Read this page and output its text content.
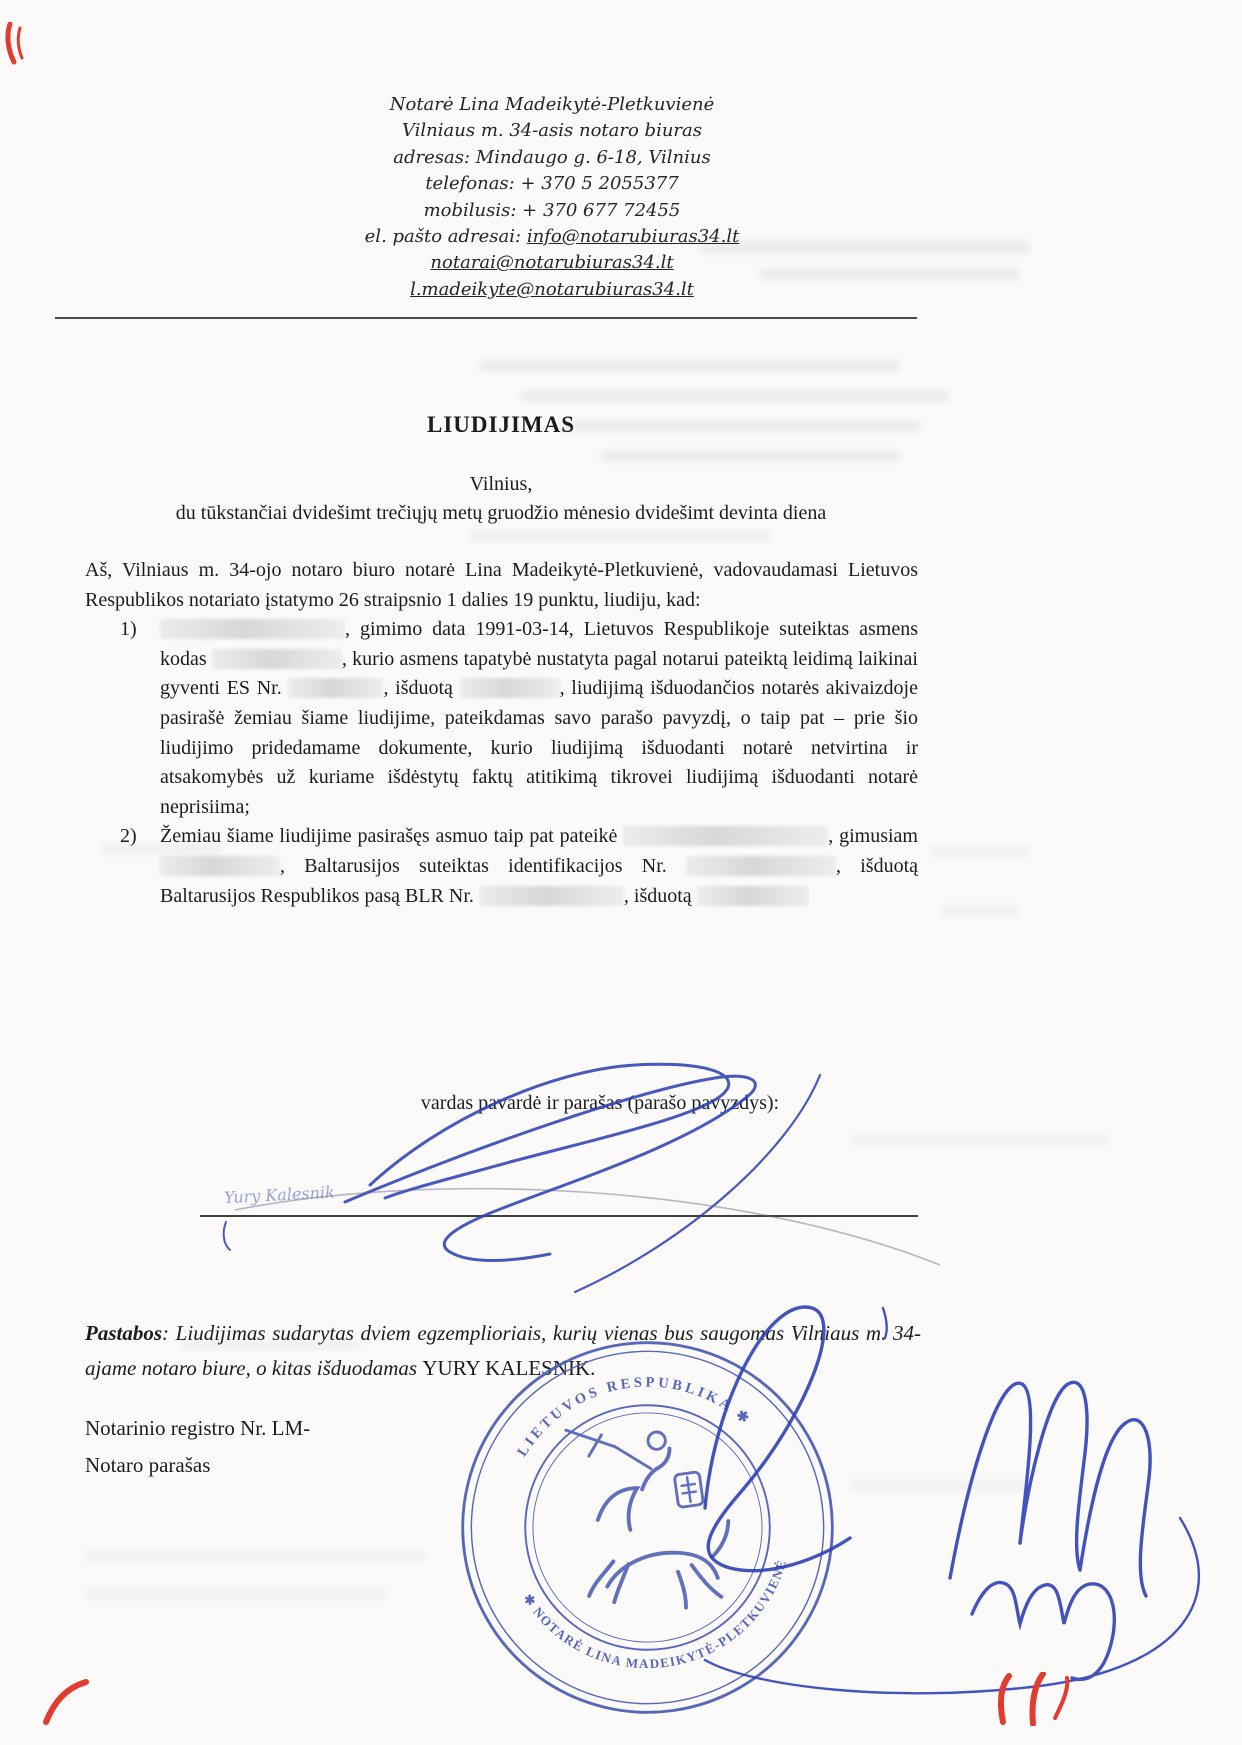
Notarė Lina Madeikytė-Pletkuvienė
Vilniaus m. 34-asis notaro biuras
adresas: Mindaugo g. 6-18, Vilnius
telefonas: + 370 5 2055377
mobilusis: + 370 677 72455
el. pašto adresai: info@notarubiuras34.lt
notarai@notarubiuras34.lt
l.madeikyte@notarubiuras34.lt
LIUDIJIMAS
Vilnius,
du tūkstančiai dvidešimt trečiųjų metų gruodžio mėnesio dvidešimt devinta diena

Aš, Vilniaus m. 34-ojo notaro biuro notarė Lina Madeikytė-Pletkuvienė, vadovaudamasi Lietuvos Respublikos notariato įstatymo 26 straipsnio 1 dalies 19 punktu, liudiju, kad:

1)	, gimimo data 1991-03-14, Lietuvos Respublikoje suteiktas asmens kodas	, kurio asmens tapatybė nustatyta pagal notarui pateiktą leidimą laikinai gyventi ES Nr.	, išduotą	, liudijimą išduodančios notarės akivaizdoje pasirašė žemiau šiame liudijime, pateikdamas savo parašo pavyzdį, o taip pat – prie šio liudijimo pridedamame dokumente, kurio liudijimą išduodanti notarė netvirtina ir atsakomybės už kuriame išdėstytų faktų atitikimą tikrovei liudijimą išduodanti notarė neprisiima;

2) Žemiau šiame liudijime pasirašęs asmuo taip pat pateikė	, gimusiam , Baltarusijos suteiktas identifikacijos Nr.	, išduotą Baltarusijos Respublikos pasą BLR Nr.	, išduotą

vardas pavardė ir parašas (parašo pavyzdys):
Yury Kalesnik
Pastabos: Liudijimas sudarytas dviem egzemplioriais, kurių vienas bus saugomas Vilniaus m. 34-ajame notaro biure, o kitas išduodamas YURY KALESNIK.
Notarinio registro Nr. LM-
Notaro parašas
LIETUVOS RESPUBLIKA ✱
✱ NOTARĖ LINA MADEIKYTĖ-PLETKUVIENĖ
